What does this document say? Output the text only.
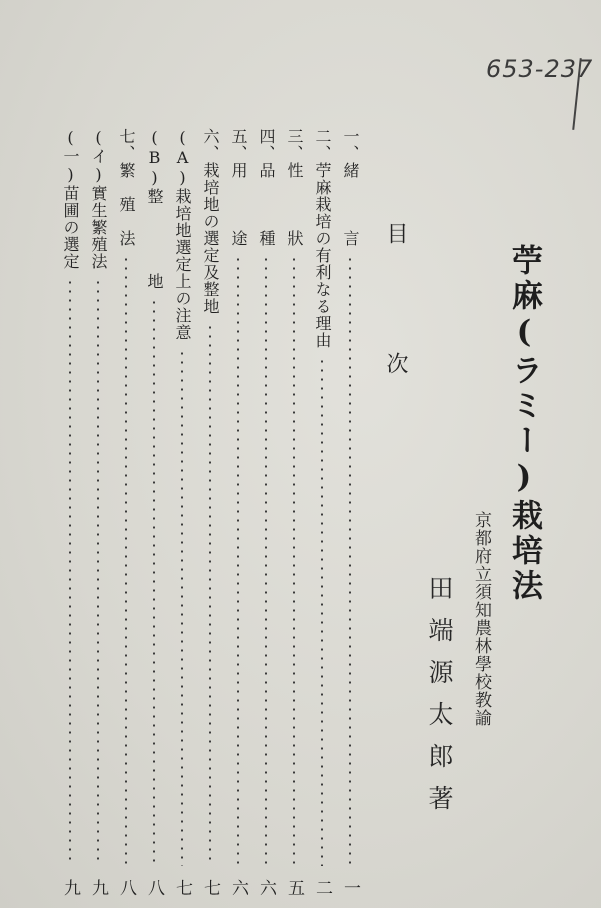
653-237
苧麻(ラミー)栽培法
京都府立須知農林學校教諭
田端源太郎著
目
次
一、緒　　　言
一
二、苧麻栽培の有利なる理由
二
三、性　　　狀
五
四、品　　　種
六
五、用　　　途
六
六、栽培地の選定及整地
七
(A)栽培地選定上の注意
七
(B)整　　　　地
八
七、繁　殖　法
八
(イ)實生繁殖法
九
(一)苗圃の選定
九
